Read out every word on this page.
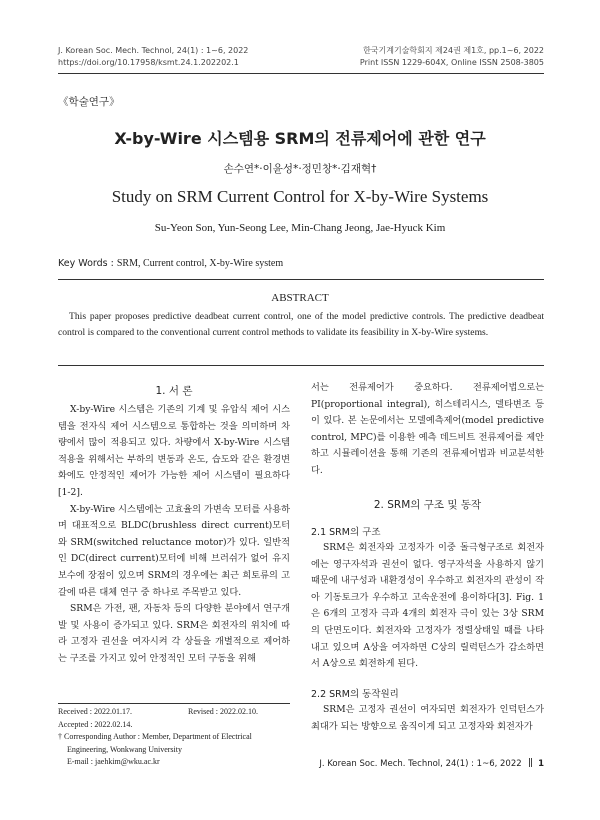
J. Korean Soc. Mech. Technol, 24(1) : 1~6, 2022
https://doi.org/10.17958/ksmt.24.1.202202.1
한국기계기술학회지 제24권 제1호, pp.1~6, 2022
Print ISSN 1229-604X, Online ISSN 2508-3805
《학술연구》
X-by-Wire 시스템용 SRM의 전류제어에 관한 연구
손수연*·이윤성*·정민창*·김재혁†
Study on SRM Current Control for X-by-Wire Systems
Su-Yeon Son, Yun-Seong Lee, Min-Chang Jeong, Jae-Hyuck Kim
Key Words : SRM, Current control, X-by-Wire system
ABSTRACT
This paper proposes predictive deadbeat current control, one of the model predictive controls. The predictive deadbeat control is compared to the conventional current control methods to validate its feasibility in X-by-Wire systems.
1. 서 론

X-by-Wire 시스템은 기존의 기계 및 유압식 제어 시스템을 전자식 제어 시스템으로 통합하는 것을 의미하며 차량에서 많이 적용되고 있다. 차량에서 X-by-Wire 시스템 적용을 위해서는 부하의 변동과 온도, 습도와 같은 환경변화에도 안정적인 제어가 가능한 제어 시스템이 필요하다[1-2].

X-by-Wire 시스템에는 고효율의 가변속 모터를 사용하며 대표적으로 BLDC(brushless direct current)모터와 SRM(switched reluctance motor)가 있다. 일반적인 DC(direct current)모터에 비해 브러쉬가 없어 유지보수에 장점이 있으며 SRM의 경우에는 최근 희토류의 고갈에 따른 대체 연구 중 하나로 주목받고 있다.

SRM은 가전, 팬, 자동차 등의 다양한 분야에서 연구개발 및 사용이 증가되고 있다. SRM은 회전자의 위치에 따라 고정자 권선을 여자시켜 각 상들을 개별적으로 제어하는 구조를 가지고 있어 안정적인 모터 구동을 위해

Received : 2022.01.17.	Revised : 2022.02.10.
Accepted : 2022.02.14.
† Corresponding Author : Member, Department of Electrical
Engineering, Wonkwang University
E-mail : jaehkim@wku.ac.kr
서는 전류제어가 중요하다. 전류제어법으로는 PI(proportional integral), 히스테리시스, 델타변조 등이 있다. 본 논문에서는 모델예측제어(model predictive control, MPC)를 이용한 예측 데드비트 전류제어를 제안하고 시뮬레이션을 통해 기존의 전류제어법과 비교분석한다.
2. SRM의 구조 및 동작
2.1 SRM의 구조

SRM은 회전자와 고정자가 이중 돌극형구조로 회전자에는 영구자석과 권선이 없다. 영구자석을 사용하지 않기 때문에 내구성과 내환경성이 우수하고 회전자의 관성이 작아 기동토크가 우수하고 고속운전에 용이하다[3]. Fig. 1은 6개의 고정자 극과 4개의 회전자 극이 있는 3상 SRM의 단면도이다. 회전자와 고정자가 정렬상태일 때를 나타내고 있으며 A상을 여자하면 C상의 릴럭턴스가 감소하면서 A상으로 회전하게 된다.

2.2 SRM의 동작원리

SRM은 고정자 권선이 여자되면 회전자가 인덕턴스가 최대가 되는 방향으로 움직이게 되고 고정자와 회전자가

J. Korean Soc. Mech. Technol, 24(1) : 1~6, 2022 1
